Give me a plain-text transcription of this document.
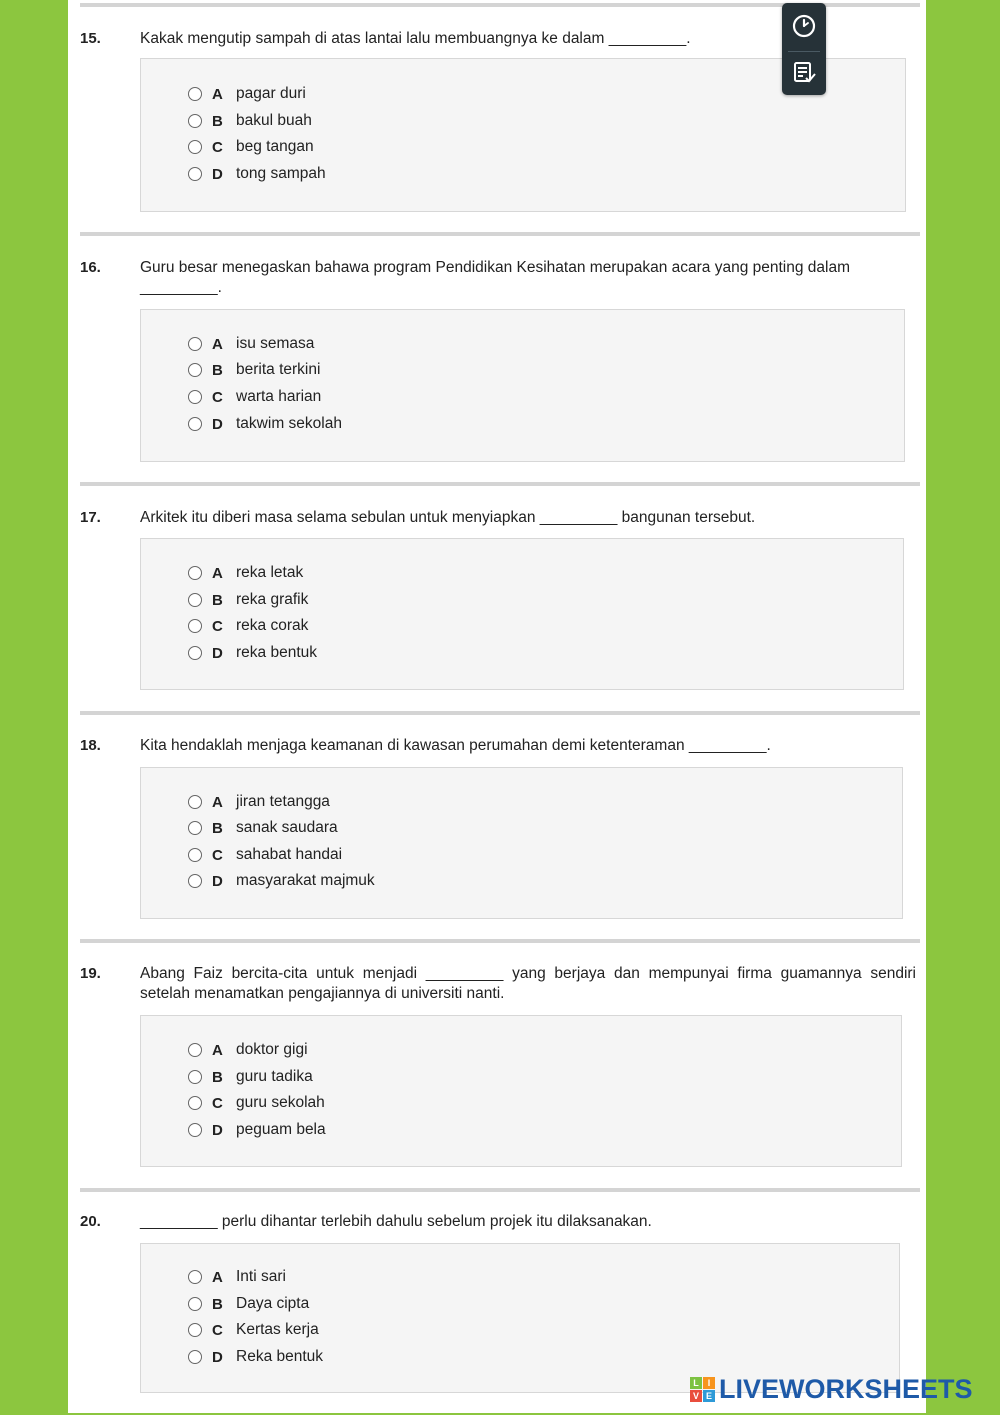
15.	Kakak mengutip sampah di atas lantai lalu membuangnya ke dalam _________.
A pagar duri
B bakul buah
C beg tangan
D tong sampah
16.	Guru besar menegaskan bahawa program Pendidikan Kesihatan merupakan acara yang penting dalam _________.
A isu semasa
B berita terkini
C warta harian
D takwim sekolah
17.	Arkitek itu diberi masa selama sebulan untuk menyiapkan _________ bangunan tersebut.
A reka letak
B reka grafik
C reka corak
D reka bentuk
18.	Kita hendaklah menjaga keamanan di kawasan perumahan demi ketenteraman _________.
A jiran tetangga
B sanak saudara
C sahabat handai
D masyarakat majmuk
19.	Abang Faiz bercita-cita untuk menjadi _________ yang berjaya dan mempunyai firma guamannya sendiri setelah menamatkan pengajiannya di universiti nanti.
A doktor gigi
B guru tadika
C guru sekolah
D peguam bela
20.	_________ perlu dihantar terlebih dahulu sebelum projek itu dilaksanakan.
A Inti sari
B Daya cipta
C Kertas kerja
D Reka bentuk
L I
V E LIVEWORKSHEETS
